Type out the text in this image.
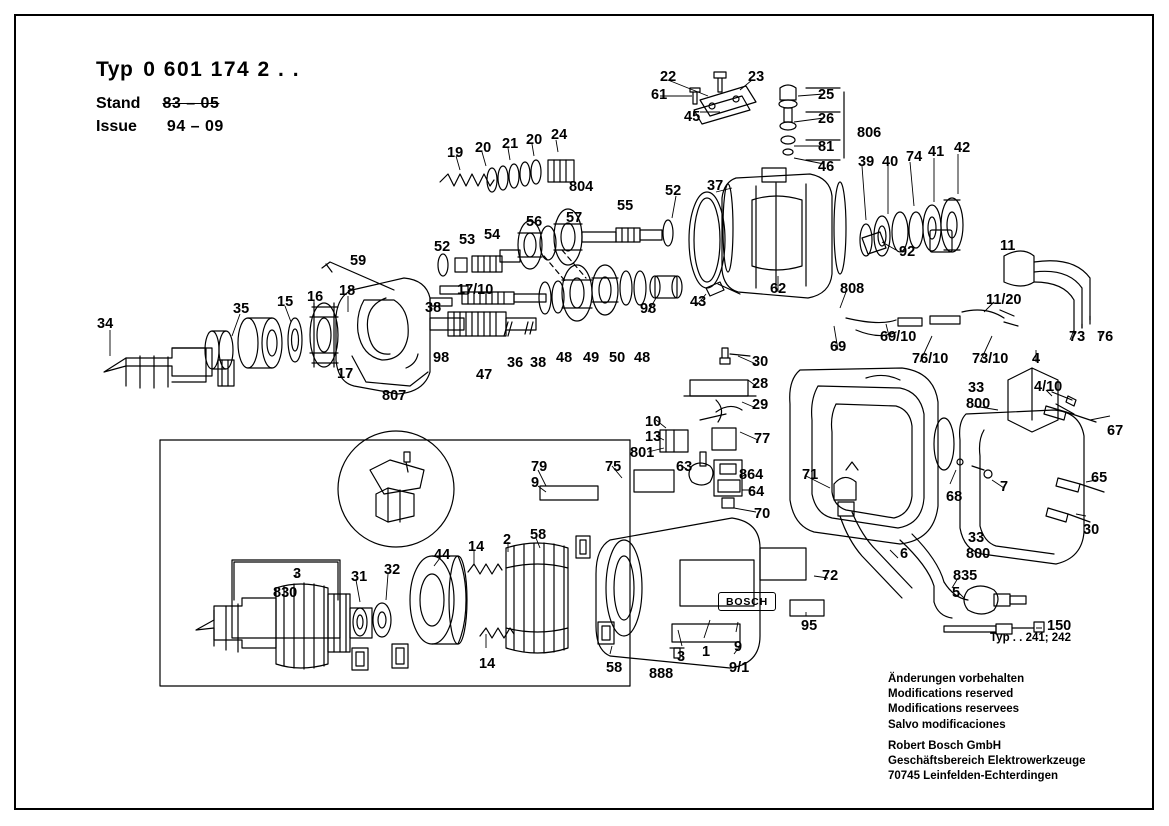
Typ 0 601 174 2 . .
Stand 83 – 05
Issue 94 – 09
BOSCH
Typ . . 241; 242
Änderungen vorbehalten
Modifications reserved
Modifications reservees
Salvo modificaciones
Robert Bosch GmbH
Geschäftsbereich Elektrowerkzeuge
70745 Leinfelden-Echterdingen
22	23
61	25
45	26
806
81
46 39 40 74 41 42
19 20 21 20 24
804
55
52 37
56 57
92	11
59
52 53 54
17/10
38
15 16 18
35
34
98 43
62	808
11/20
69
69/10	73 76
76/10 73/10 4
4/10
98
47
36 38 48 49 50 48
17
807
30
28
29
33
800
67
10
13
801
77
75	63	864	71	65
79
9
64	7
68
70
30
44 14 2 58
72
6
33
800
835
5
3
830
31 32
14	58 888
3
9
9/1
95
1
150
